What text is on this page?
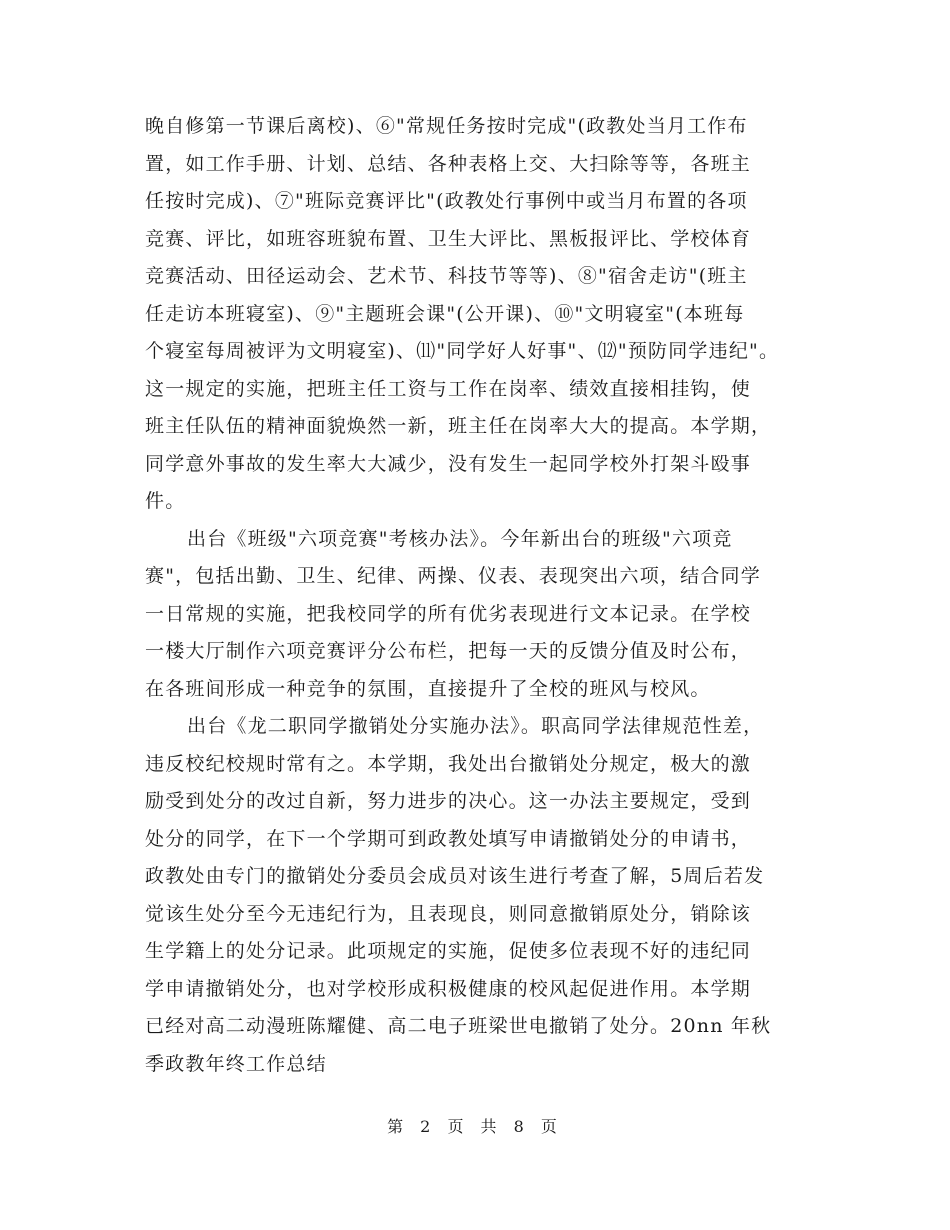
晚自修第一节课后离校)、⑥"常规任务按时完成"(政教处当月工作布
置，如工作手册、计划、总结、各种表格上交、大扫除等等，各班主
任按时完成)、⑦"班际竞赛评比"(政教处行事例中或当月布置的各项
竞赛、评比，如班容班貌布置、卫生大评比、黑板报评比、学校体育
竞赛活动、田径运动会、艺术节、科技节等等)、⑧"宿舍走访"(班主
任走访本班寝室)、⑨"主题班会课"(公开课)、⑩"文明寝室"(本班每
个寝室每周被评为文明寝室)、⑾"同学好人好事"、⑿"预防同学违纪"。
这一规定的实施，把班主任工资与工作在岗率、绩效直接相挂钩，使
班主任队伍的精神面貌焕然一新，班主任在岗率大大的提高。本学期，
同学意外事故的发生率大大减少，没有发生一起同学校外打架斗殴事
件。
出台《班级"六项竞赛"考核办法》。今年新出台的班级"六项竞
赛"，包括出勤、卫生、纪律、两操、仪表、表现突出六项，结合同学
一日常规的实施，把我校同学的所有优劣表现进行文本记录。在学校
一楼大厅制作六项竞赛评分公布栏，把每一天的反馈分值及时公布，
在各班间形成一种竞争的氛围，直接提升了全校的班风与校风。
出台《龙二职同学撤销处分实施办法》。职高同学法律规范性差，
违反校纪校规时常有之。本学期，我处出台撤销处分规定，极大的激
励受到处分的改过自新，努力进步的决心。这一办法主要规定，受到
处分的同学，在下一个学期可到政教处填写申请撤销处分的申请书，
政教处由专门的撤销处分委员会成员对该生进行考查了解，5周后若发
觉该生处分至今无违纪行为，且表现良，则同意撤销原处分，销除该
生学籍上的处分记录。此项规定的实施，促使多位表现不好的违纪同
学申请撤销处分，也对学校形成积极健康的校风起促进作用。本学期
已经对高二动漫班陈耀健、高二电子班梁世电撤销了处分。20nn 年秋
季政教年终工作总结
第 2 页 共 8 页
